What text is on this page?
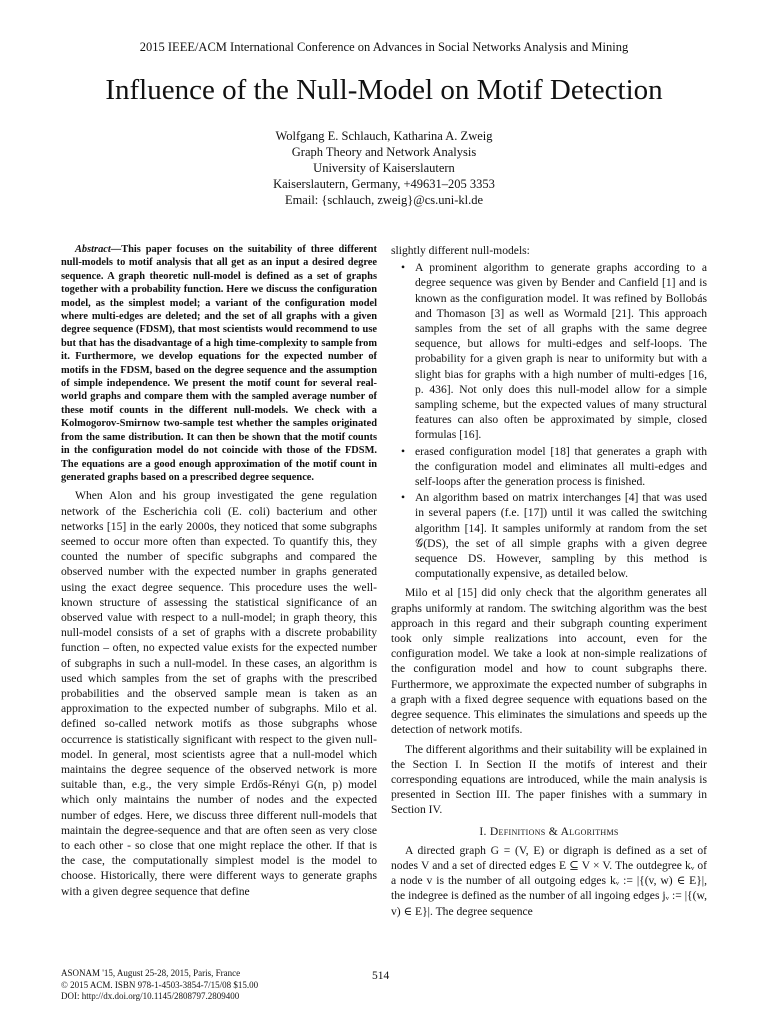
2015 IEEE/ACM International Conference on Advances in Social Networks Analysis and Mining
Influence of the Null-Model on Motif Detection
Wolfgang E. Schlauch, Katharina A. Zweig
Graph Theory and Network Analysis
University of Kaiserslautern
Kaiserslautern, Germany, +49631–205 3353
Email: {schlauch, zweig}@cs.uni-kl.de

Abstract—This paper focuses on the suitability of three different null-models to motif analysis that all get as an input a desired degree sequence. A graph theoretic null-model is defined as a set of graphs together with a probability function. Here we discuss the configuration model, as the simplest model; a variant of the configuration model where multi-edges are deleted; and the set of all graphs with a given degree sequence (FDSM), that most scientists would recommend to use but that has the disadvantage of a high time-complexity to sample from it. Furthermore, we develop equations for the expected number of motifs in the FDSM, based on the degree sequence and the assumption of simple independence. We present the motif count for several real-world graphs and compare them with the sampled average number of these motif counts in the different null-models. We check with a Kolmogorov-Smirnow two-sample test whether the samples originated from the same distribution. It can then be shown that the motif counts in the configuration model do not coincide with those of the FDSM. The equations are a good enough approximation of the motif count in generated graphs based on a prescribed degree sequence.

When Alon and his group investigated the gene regulation network of the Escherichia coli (E. coli) bacterium and other networks [15] in the early 2000s, they noticed that some subgraphs seemed to occur more often than expected. To quantify this, they counted the number of specific subgraphs and compared the observed number with the expected number in graphs generated using the exact degree sequence. This procedure uses the well-known structure of assessing the statistical significance of an observed value with respect to a null-model; in graph theory, this null-model consists of a set of graphs with a discrete probability function – often, no expected value exists for the expected number of subgraphs in such a null-model. In these cases, an algorithm is used which samples from the set of graphs with the prescribed probabilities and the observed sample mean is taken as an approximation to the expected number of subgraphs. Milo et al. defined so-called network motifs as those subgraphs whose occurrence is statistically significant with respect to the given null-model. In general, most scientists agree that a null-model which maintains the degree sequence of the observed network is more suitable than, e.g., the very simple Erdős-Rényi G(n, p) model which only maintains the number of nodes and the expected number of edges. Here, we discuss three different null-models that maintain the degree-sequence and that are often seen as very close to each other - so close that one might replace the other. If that is the case, the computationally simplest model is the model to choose. Historically, there were different ways to generate graphs with a given degree sequence that define

slightly different null-models:

• A prominent algorithm to generate graphs according to a degree sequence was given by Bender and Canfield [1] and is known as the configuration model. It was refined by Bollobás and Thomason [3] as well as Wormald [21]. This approach samples from the set of all graphs with the same degree sequence, but allows for multi-edges and self-loops. The probability for a given graph is near to uniformity but with a slight bias for graphs with a high number of multi-edges [16, p. 436]. Not only does this null-model allow for a simple sampling scheme, but the expected values of many structural features can also often be approximated by simple, closed formulas [16].
• erased configuration model [18] that generates a graph with the configuration model and eliminates all multi-edges and self-loops after the generation process is finished.
• An algorithm based on matrix interchanges [4] that was used in several papers (f.e. [17]) until it was called the switching algorithm [14]. It samples uniformly at random from the set 𝒢(DS), the set of all simple graphs with a given degree sequence DS. However, sampling by this method is computationally expensive, as detailed below.

Milo et al [15] did only check that the algorithm generates all graphs uniformly at random. The switching algorithm was the best approach in this regard and their subgraph counting experiment took only simple realizations into account, even for the configuration model. We take a look at non-simple realizations of the configuration model and how to count subgraphs there. Furthermore, we approximate the expected number of subgraphs in a graph with a fixed degree sequence with equations based on the degree sequence. This eliminates the simulations and speeds up the detection of network motifs.

The different algorithms and their suitability will be explained in the Section I. In Section II the motifs of interest and their corresponding equations are introduced, while the main analysis is presented in Section III. The paper finishes with a summary in Section IV.

I. Definitions & Algorithms

A directed graph G = (V, E) or digraph is defined as a set of nodes V and a set of directed edges E ⊆ V × V. The outdegree kᵥ of a node v is the number of all outgoing edges kᵥ := |{(v, w) ∈ E}|, the indegree is defined as the number of all ingoing edges jᵥ := |{(w, v) ∈ E}|. The degree sequence

ASONAM '15, August 25-28, 2015, Paris, France
© 2015 ACM. ISBN 978-1-4503-3854-7/15/08 $15.00
DOI: http://dx.doi.org/10.1145/2808797.2809400
514
